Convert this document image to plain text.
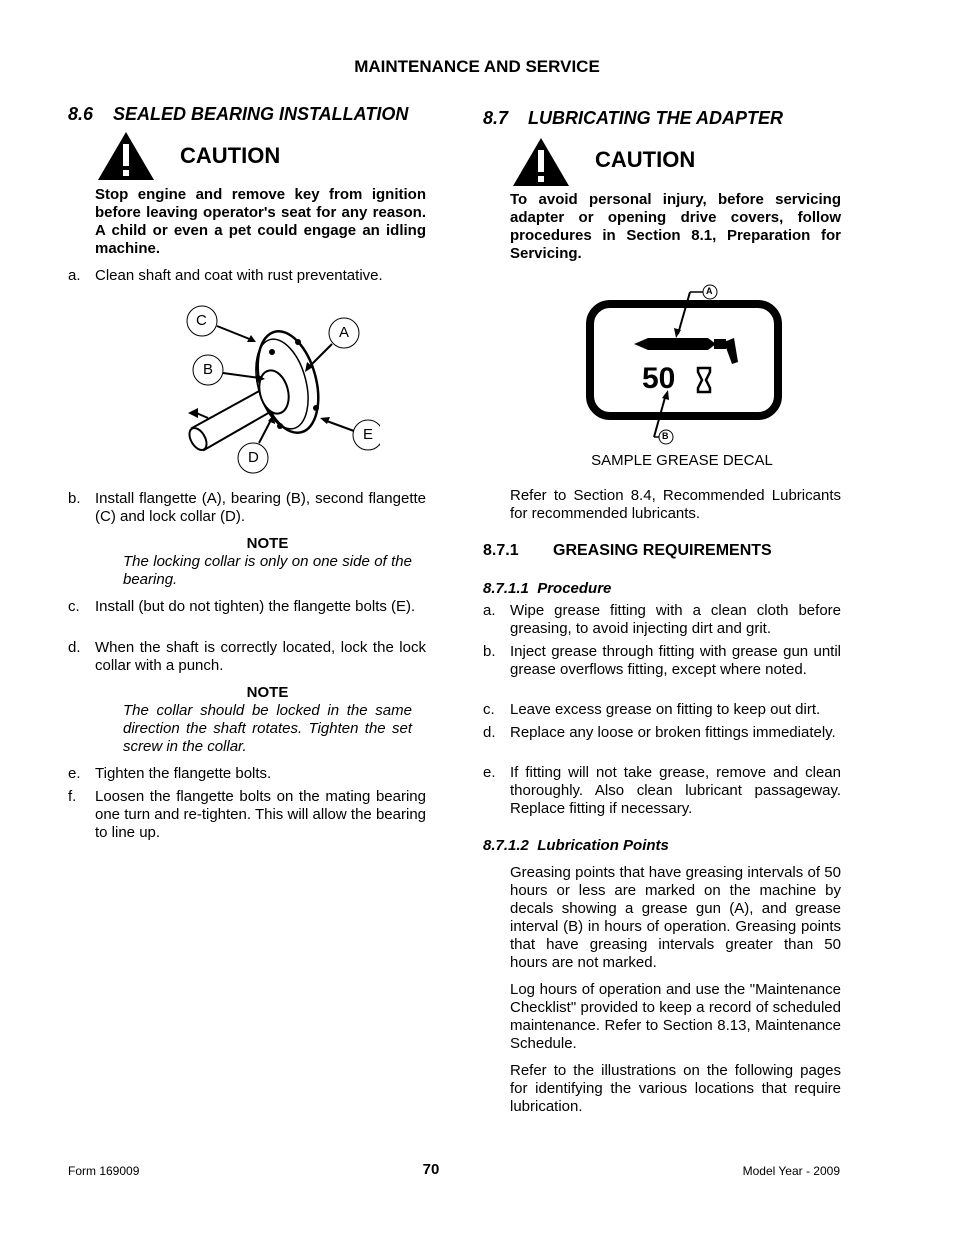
MAINTENANCE AND SERVICE
8.6 SEALED BEARING INSTALLATION
CAUTION
Stop engine and remove key from ignition before leaving operator's seat for any reason. A child or even a pet could engage an idling machine.
a. Clean shaft and coat with rust preventative.
C
A
B
E
D
b. Install flangette (A), bearing (B), second flangette (C) and lock collar (D).
NOTE
The locking collar is only on one side of the bearing.
c. Install (but do not tighten) the flangette bolts (E).
d. When the shaft is correctly located, lock the lock collar with a punch.
NOTE
The collar should be locked in the same direction the shaft rotates. Tighten the set screw in the collar.
e. Tighten the flangette bolts.
f. Loosen the flangette bolts on the mating bearing one turn and re-tighten. This will allow the bearing to line up.
8.7 LUBRICATING THE ADAPTER
CAUTION
To avoid personal injury, before servicing adapter or opening drive covers, follow procedures in Section 8.1, Preparation for Servicing.
50
A
B
SAMPLE GREASE DECAL
Refer to Section 8.4, Recommended Lubricants for recommended lubricants.
8.7.1 GREASING REQUIREMENTS
8.7.1.1  Procedure
a. Wipe grease fitting with a clean cloth before greasing, to avoid injecting dirt and grit.
b. Inject grease through fitting with grease gun until grease overflows fitting, except where noted.
c. Leave excess grease on fitting to keep out dirt.
d. Replace any loose or broken fittings immediately.
e. If fitting will not take grease, remove and clean thoroughly. Also clean lubricant passageway. Replace fitting if necessary.
8.7.1.2  Lubrication Points
Greasing points that have greasing intervals of 50 hours or less are marked on the machine by decals showing a grease gun (A), and grease interval (B) in hours of operation. Greasing points that have greasing intervals greater than 50 hours are not marked.
Log hours of operation and use the "Maintenance Checklist" provided to keep a record of scheduled maintenance. Refer to Section 8.13, Maintenance Schedule.
Refer to the illustrations on the following pages for identifying the various locations that require lubrication.
Form 169009	70	Model Year - 2009
